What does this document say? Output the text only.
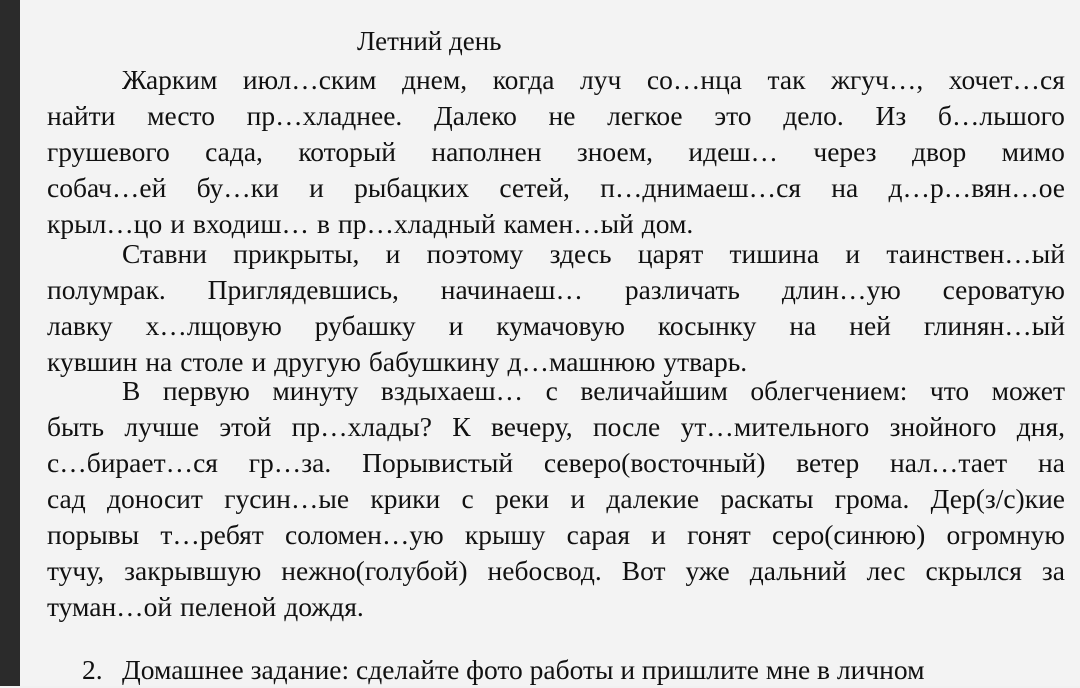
Летний день
Жарким июл…ским днем, когда луч со…нца так жгуч…, хочет…ся
найти место пр…хладнее. Далеко не легкое это дело. Из б…льшого
грушевого сада, который наполнен зноем, идеш… через двор мимо
собач…ей бу…ки и рыбацких сетей, п…днимаеш…ся на д…р…вян…ое
крыл…цо и входиш… в пр…хладный камен…ый дом.
Ставни прикрыты, и поэтому здесь царят тишина и таинствен…ый
полумрак. Приглядевшись, начинаеш… различать длин…ую сероватую
лавку х…лщовую рубашку и кумачовую косынку на ней глинян…ый
кувшин на столе и другую бабушкину д…машнюю утварь.
В первую минуту вздыхаеш… с величайшим облегчением: что может
быть лучше этой пр…хлады? К вечеру, после ут…мительного знойного дня,
с…бирает…ся гр…за. Порывистый северо(восточный) ветер нал…тает на
сад доносит гусин…ые крики с реки и далекие раскаты грома. Дер(з/с)кие
порывы т…ребят соломен…ую крышу сарая и гонят серо(синюю) огромную
тучу, закрывшую нежно(голубой) небосвод. Вот уже дальний лес скрылся за
туман…ой пеленой дождя.
2. Домашнее задание: сделайте фото работы и пришлите мне в личном
